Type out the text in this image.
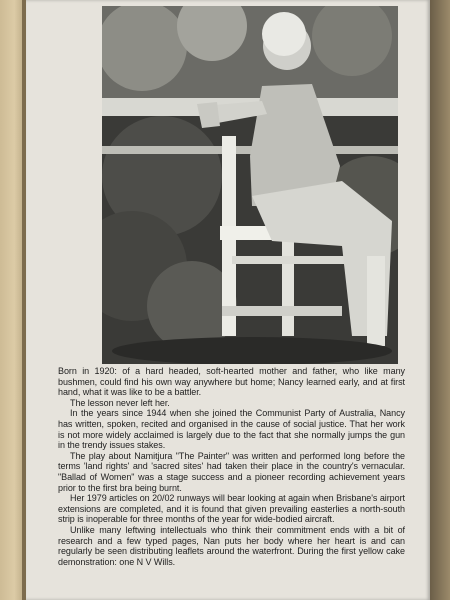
Born in 1920: of a hard headed, soft-hearted mother and father, who like many bushmen, could find his own way anywhere but home; Nancy learned early, and at first hand, what it was like to be a battler.

The lesson never left her.

In the years since 1944 when she joined the Communist Party of Australia, Nancy has written, spoken, recited and organised in the cause of social justice. That her work is not more widely acclaimed is largely due to the fact that she normally jumps the gun in the trendy issues stakes.

The play about Namitjura "The Painter" was written and performed long before the terms 'land rights' and 'sacred sites' had taken their place in the country's vernacular. "Ballad of Women" was a stage success and a pioneer recording achievement years prior to the first bra being burnt.

Her 1979 articles on 20/02 runways will bear looking at again when Brisbane's airport extensions are completed, and it is found that given prevailing easterlies a north-south strip is inoperable for three months of the year for wide-bodied aircraft.

Unlike many leftwing intellectuals who think their commitment ends with a bit of research and a few typed pages, Nan puts her body where her heart is and can regularly be seen distributing leaflets around the waterfront. During the first yellow cake demonstration: one N V Wills.
